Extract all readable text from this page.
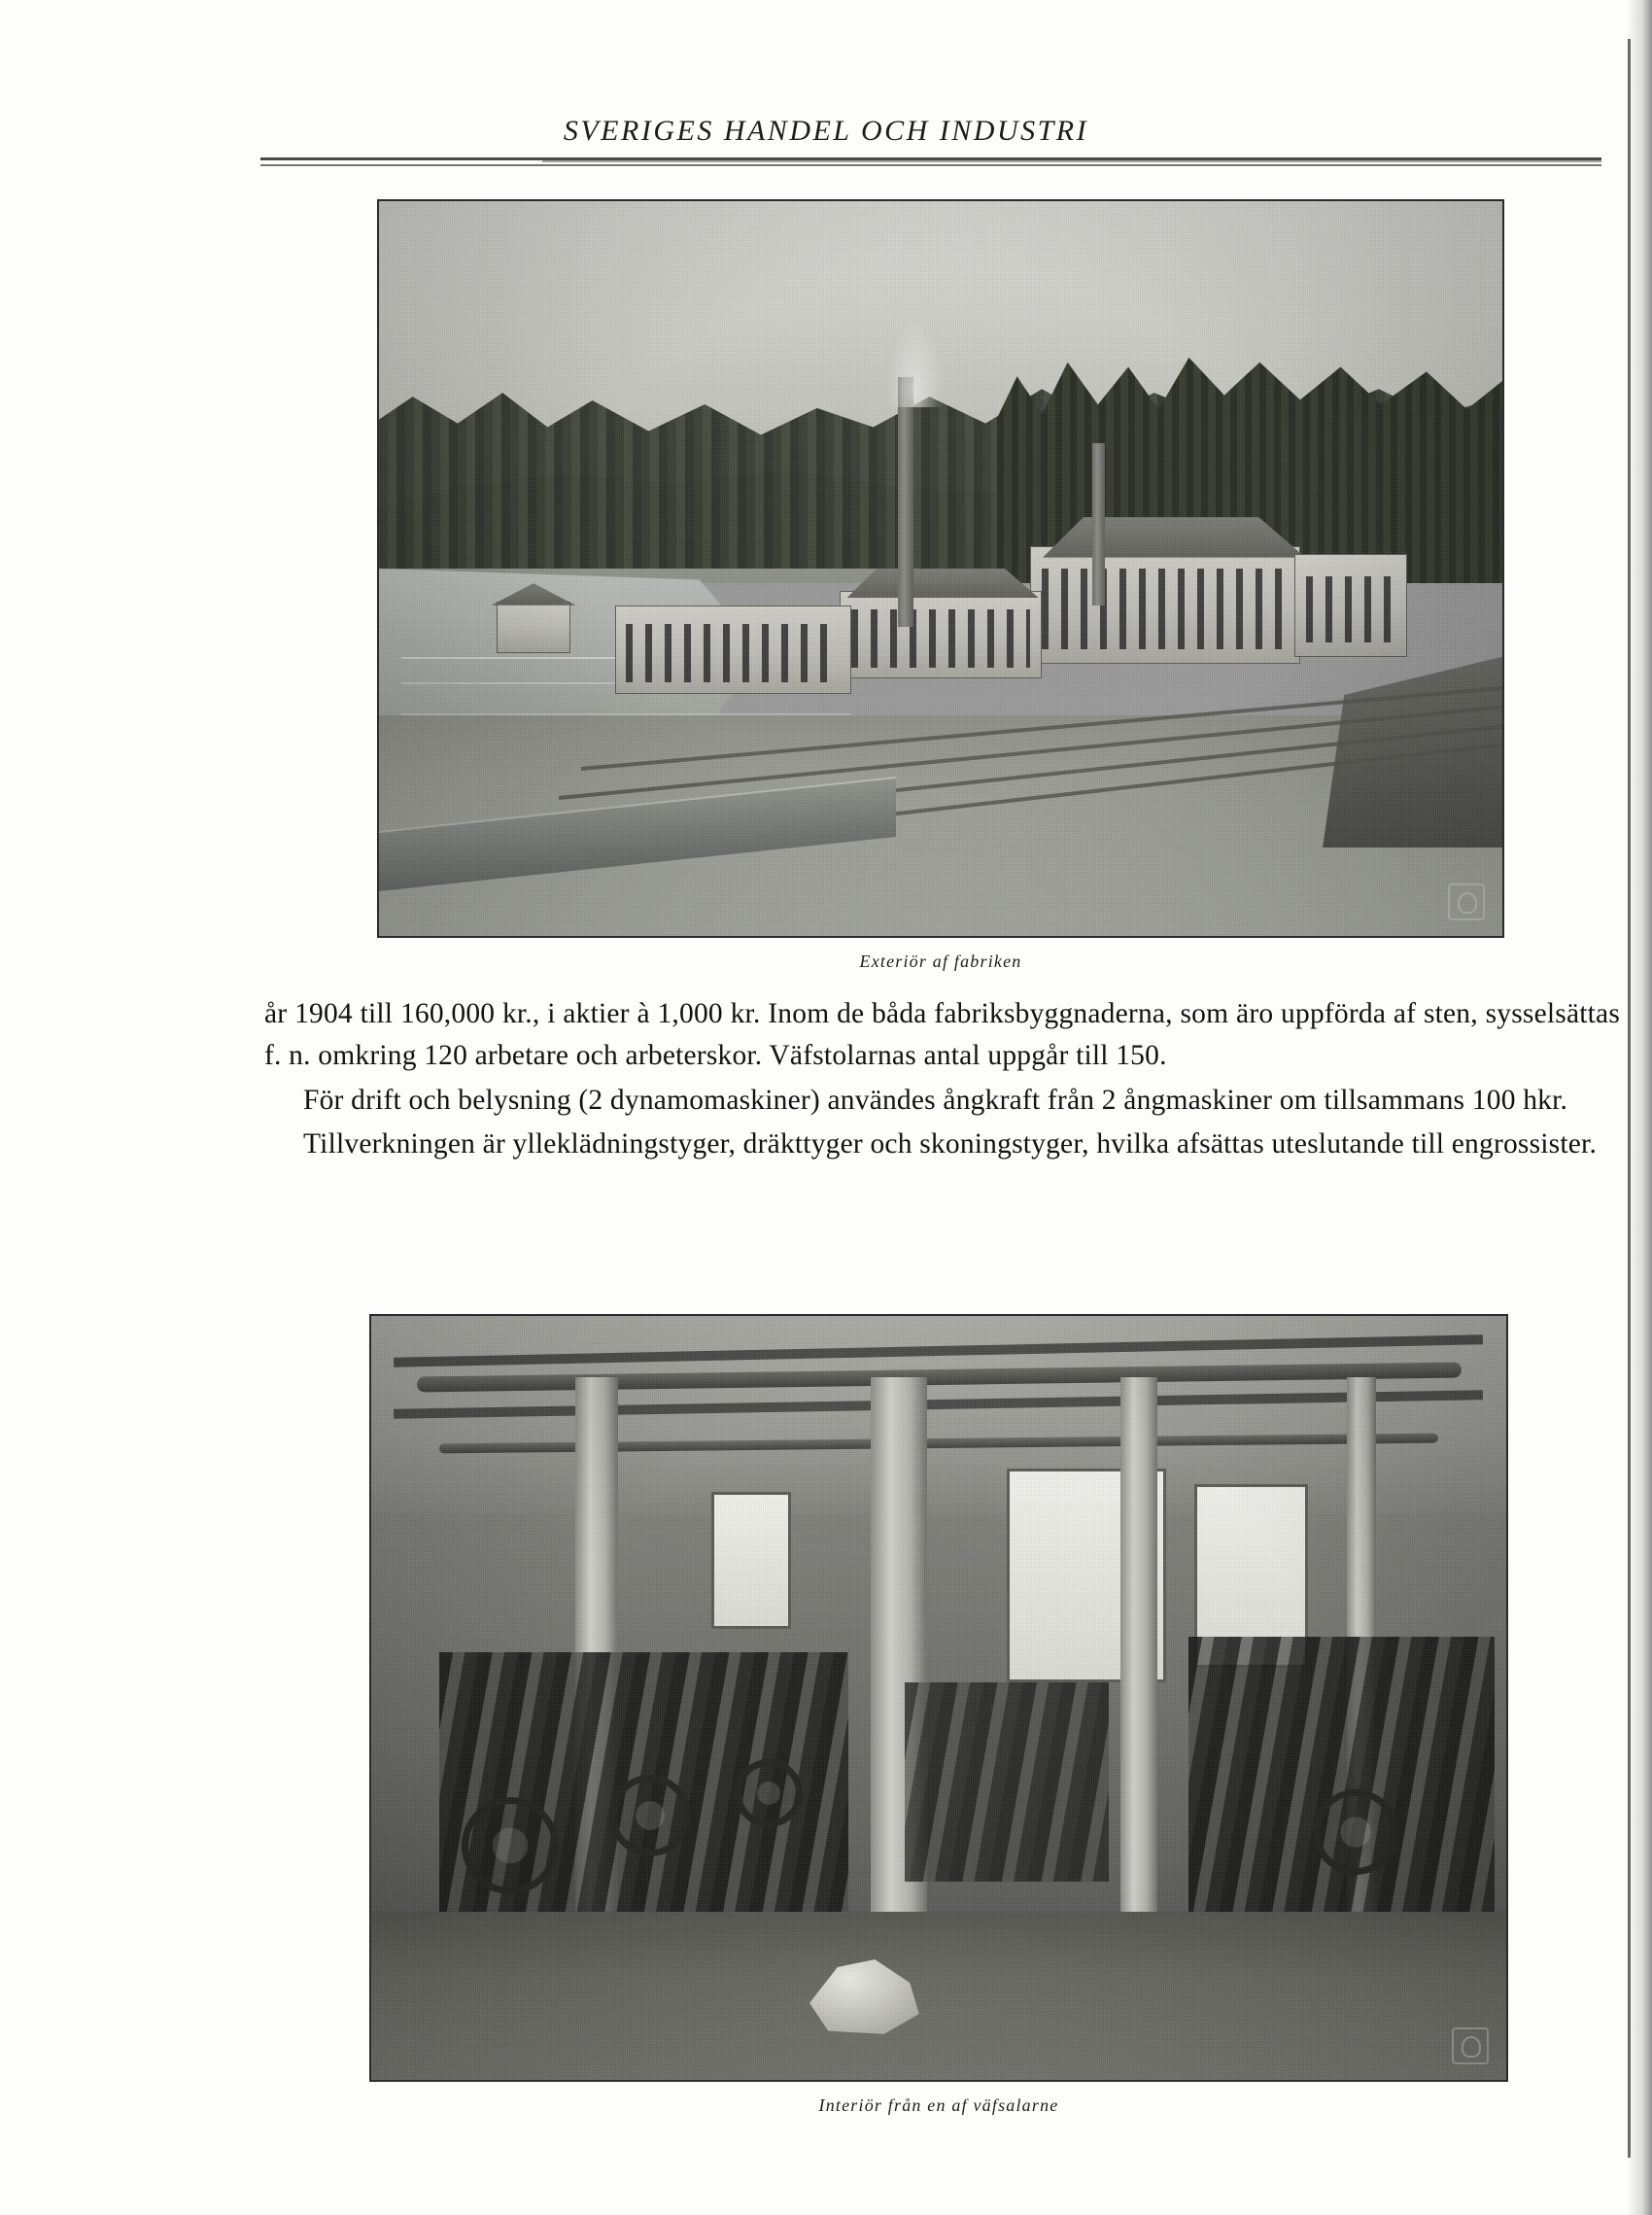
SVERIGES HANDEL OCH INDUSTRI
Exteriör af fabriken

år 1904 till 160,000 kr., i aktier à 1,000 kr. Inom de båda fabriksbyggnaderna, som äro uppförda af sten, sysselsättas f. n. omkring 120 arbetare och arbeterskor. Väfstolarnas antal uppgår till 150.

För drift och belysning (2 dynamomaskiner) användes ångkraft från 2 ångmaskiner om tillsammans 100 hkr.

Tillverkningen är ylleklädningstyger, dräkttyger och skoningstyger, hvilka afsättas uteslutande till engrossister.

Interiör från en af väfsalarne
